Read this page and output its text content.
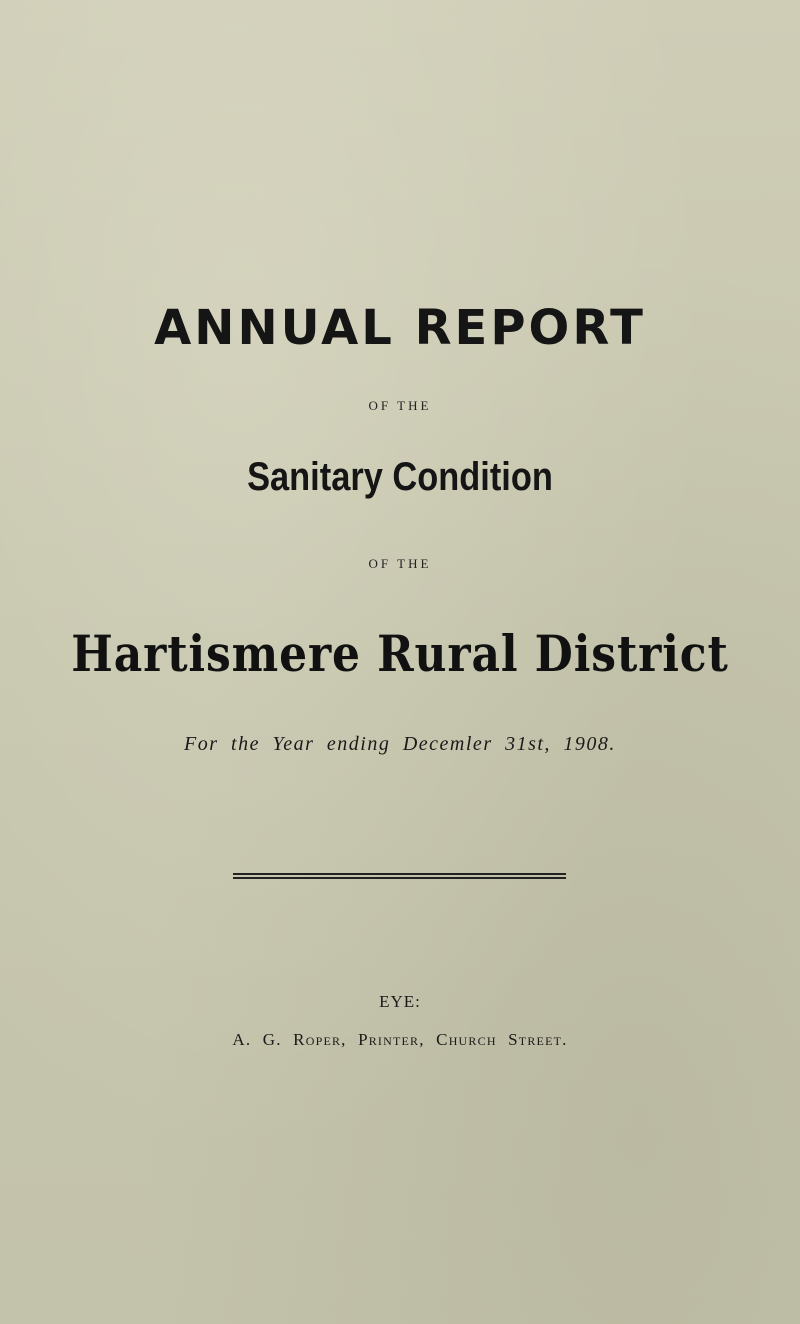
ANNUAL REPORT
OF THE
Sanitary Condition
OF THE
Hartismere Rural District
For the Year ending Decemler 31st, 1908.
EYE:
A. G. Roper, Printer, Church Street.
